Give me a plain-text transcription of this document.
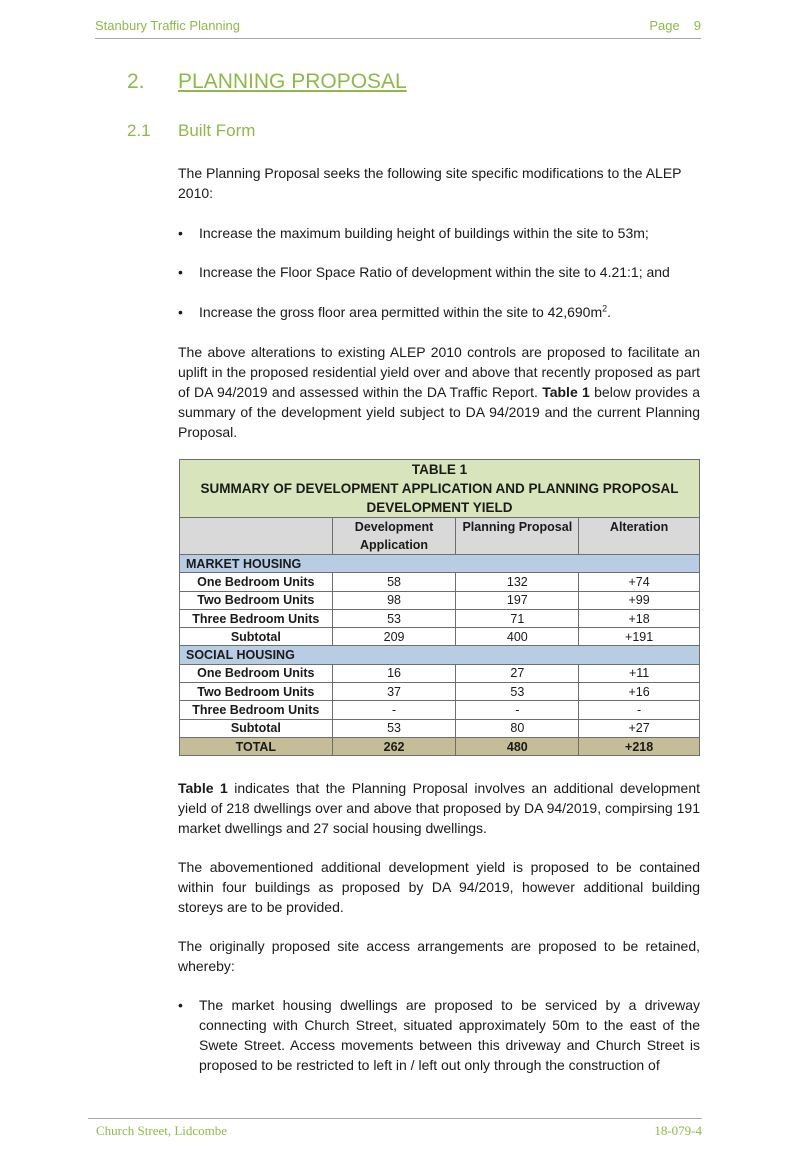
Stanbury Traffic Planning	Page 9
2. PLANNING PROPOSAL
2.1 Built Form
The Planning Proposal seeks the following site specific modifications to the ALEP 2010:
• Increase the maximum building height of buildings within the site to 53m;
• Increase the Floor Space Ratio of development within the site to 4.21:1; and
• Increase the gross floor area permitted within the site to $42,690m^2$.
The above alterations to existing ALEP 2010 controls are proposed to facilitate an uplift in the proposed residential yield over and above that recently proposed as part of DA 94/2019 and assessed within the DA Traffic Report. Table 1 below provides a summary of the development yield subject to DA 94/2019 and the current Planning Proposal.
TABLE 1
SUMMARY OF DEVELOPMENT APPLICATION AND PLANNING PROPOSAL
DEVELOPMENT YIELD			

	Development Application	Planning Proposal	Alteration
MARKET HOUSING			
One Bedroom Units	58	132	+74
Two Bedroom Units	98	197	+99
Three Bedroom Units	53	71	+18
Subtotal	209	400	+191
SOCIAL HOUSING			
One Bedroom Units	16	27	+11
Two Bedroom Units	37	53	+16
Three Bedroom Units	-	-	-
Subtotal	53	80	+27
TOTAL	262	480	+218
Table 1 indicates that the Planning Proposal involves an additional development yield of 218 dwellings over and above that proposed by DA 94/2019, compirsing 191 market dwellings and 27 social housing dwellings.
The abovementioned additional development yield is proposed to be contained within four buildings as proposed by DA 94/2019, however additional building storeys are to be provided.
The originally proposed site access arrangements are proposed to be retained, whereby:
• The market housing dwellings are proposed to be serviced by a driveway connecting with Church Street, situated approximately 50m to the east of the Swete Street. Access movements between this driveway and Church Street is proposed to be restricted to left in / left out only through the construction of
Church Street, Lidcombe	18-079-4
